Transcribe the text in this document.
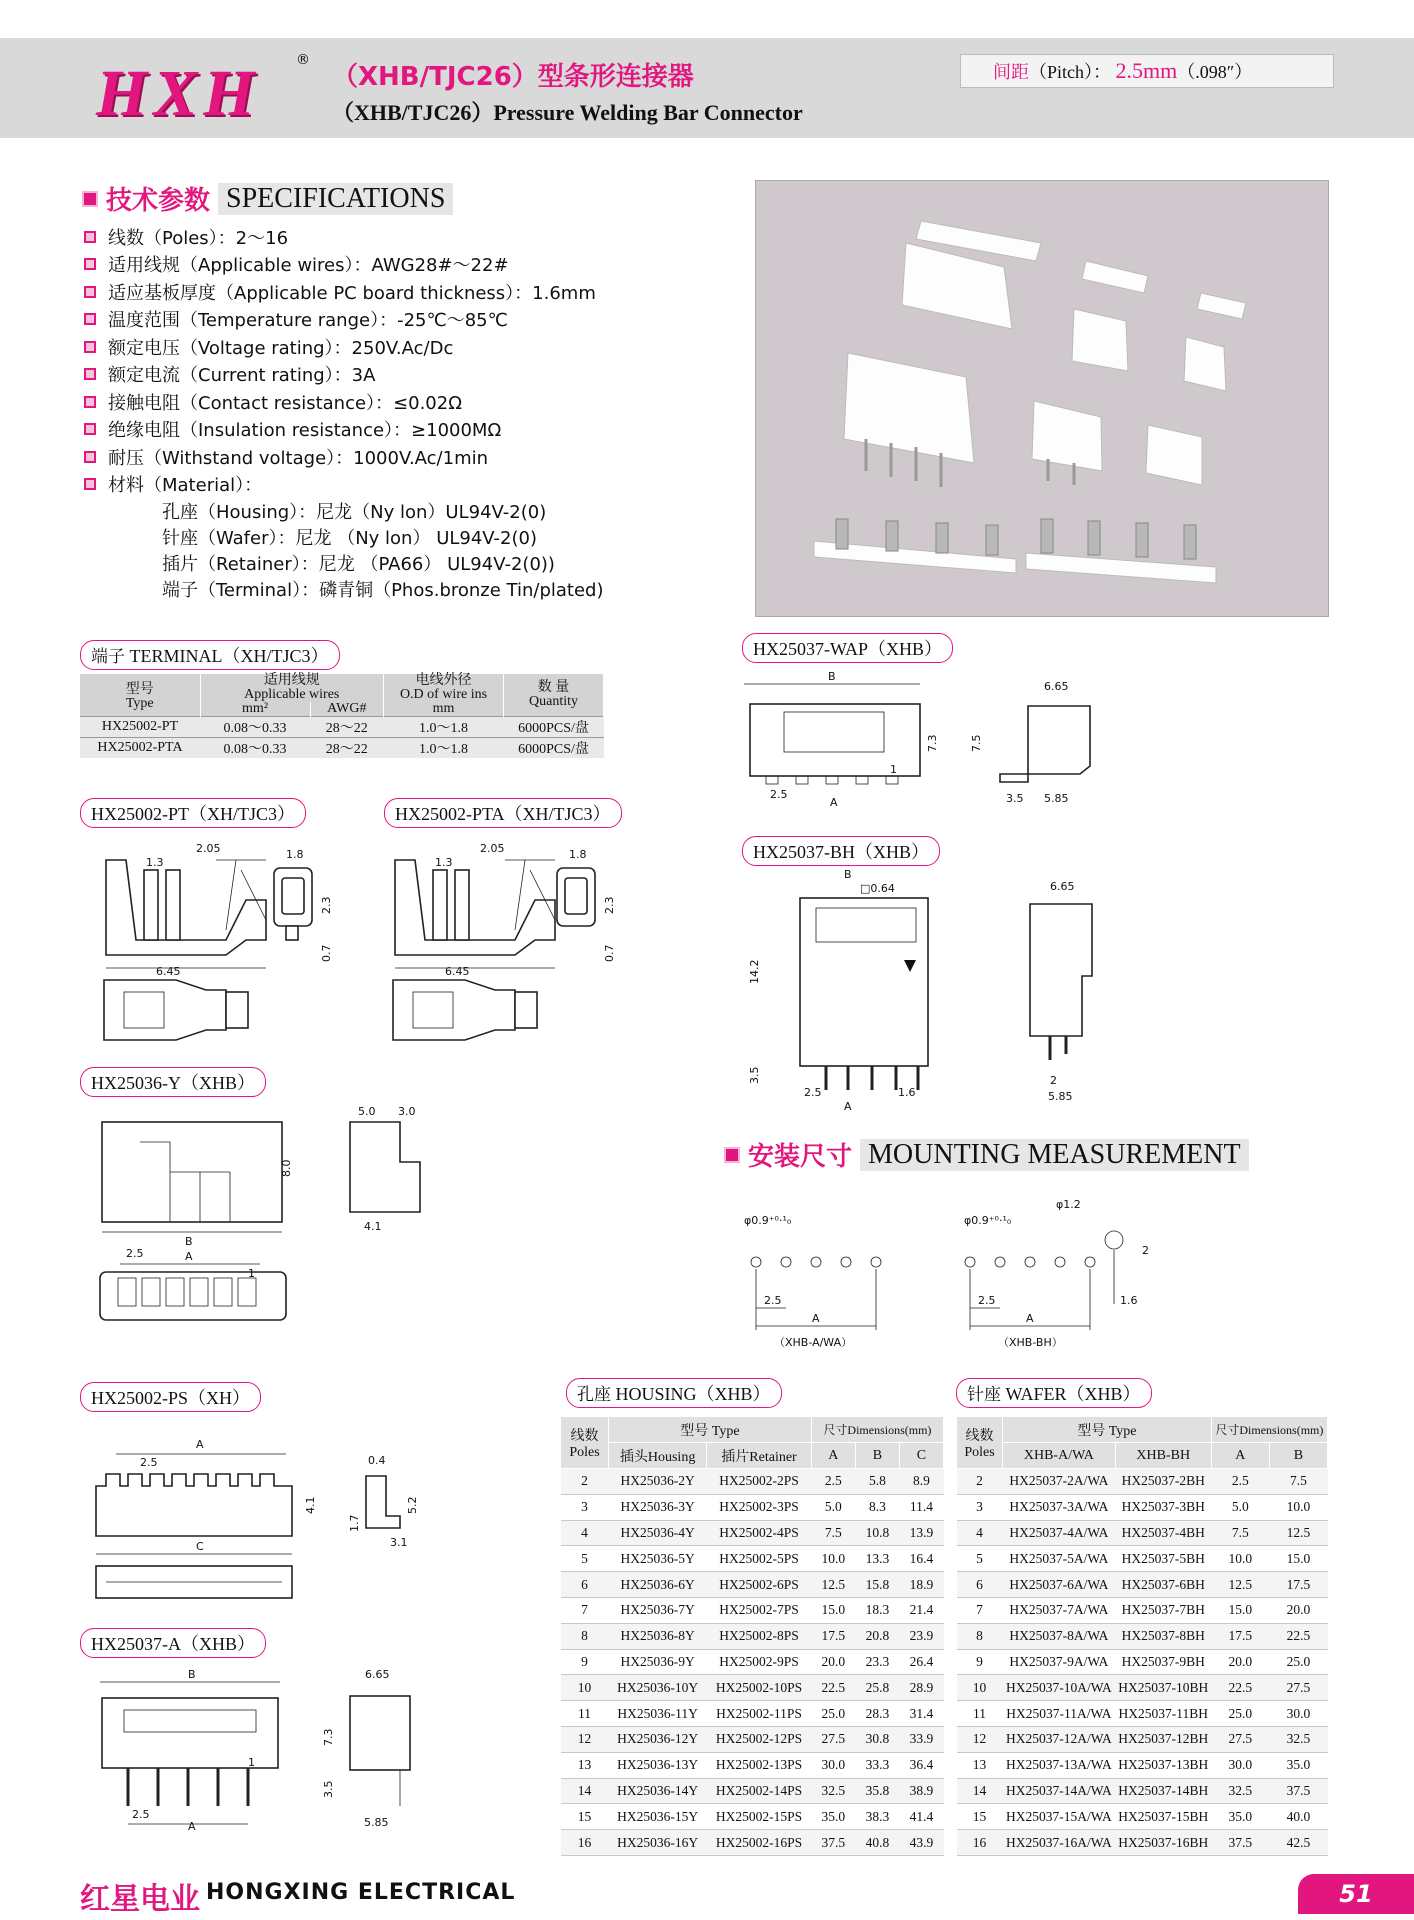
HXH	®
（XHB/TJC26）型条形连接器
（XHB/TJC26）Pressure Welding Bar Connector
间距（Pitch）： 2.5mm（.098″）
技术参数 SPECIFICATIONS
线数（Poles）：2～16
适用线规（Applicable wires）：AWG28#～22#
适应基板厚度（Applicable PC board thickness）：1.6mm
温度范围（Temperature range）：-25℃～85℃
额定电压（Voltage rating）：250V.Ac/Dc
额定电流（Current rating）：3A
接触电阻（Contact resistance）：≤0.02Ω
绝缘电阻（Insulation resistance）：≥1000MΩ
耐压（Withstand voltage）：1000V.Ac/1min
材料（Material）：
孔座（Housing）：尼龙（Ny lon）UL94V-2(0)
针座（Wafer）：尼龙 （Ny lon） UL94V-2(0)
插片（Retainer）：尼龙 （PA66） UL94V-2(0))
端子（Terminal）：磷青铜（Phos.bronze Tin/plated)
端子 TERMINAL（XH/TJC3）
型号
Type	适用线规
Applicable wires		电线外径
O.D of wire ins	数 量
Quantity
	mm²	AWG#	mm	
HX25002-PT	0.08～0.33	28～22	1.0～1.8	6000PCS/盘
HX25002-PTA	0.08～0.33	28～22	1.0～1.8	6000PCS/盘
HX25002-PT（XH/TJC3）	HX25002-PTA（XH/TJC3）
1.3
2.05
6.45
1.8
2.3
0.7
1.3
2.05
6.45
1.8
2.3
0.7
HX25036-Y（XHB）
8.0
B
A
2.5
1
5.0 3.0
4.1
HX25002-PS（XH）
A
2.5
C
0.4
4.1	5.2
1.7
3.1
HX25037-A（XHB）
B
1
2.5
A
6.65
7.3
3.5
5.85
HX25037-WAP（XHB）
B
1
2.5
A
7.3	7.5
6.65
3.5 5.85
HX25037-BH（XHB）
B
□0.64
14.2
3.5
2.5	1.6
A
6.65
2
5.85
安装尺寸 MOUNTING MEASUREMENT
φ0.9⁺⁰·¹₀
2.5
A
（XHB-A/WA）
φ0.9⁺⁰·¹₀
φ1.2
2.5
A
1.6
2
（XHB-BH）
孔座 HOUSING（XHB）
线数
Poles	型号 Type		尺寸Dimensions(mm)		
	插头Housing	插片Retainer	A	B	C
2	HX25036-2Y	HX25002-2PS	2.5	5.8	8.9
3	HX25036-3Y	HX25002-3PS	5.0	8.3	11.4
4	HX25036-4Y	HX25002-4PS	7.5	10.8	13.9
5	HX25036-5Y	HX25002-5PS	10.0	13.3	16.4
6	HX25036-6Y	HX25002-6PS	12.5	15.8	18.9
7	HX25036-7Y	HX25002-7PS	15.0	18.3	21.4
8	HX25036-8Y	HX25002-8PS	17.5	20.8	23.9
9	HX25036-9Y	HX25002-9PS	20.0	23.3	26.4
10	HX25036-10Y	HX25002-10PS	22.5	25.8	28.9
11	HX25036-11Y	HX25002-11PS	25.0	28.3	31.4
12	HX25036-12Y	HX25002-12PS	27.5	30.8	33.9
13	HX25036-13Y	HX25002-13PS	30.0	33.3	36.4
14	HX25036-14Y	HX25002-14PS	32.5	35.8	38.9
15	HX25036-15Y	HX25002-15PS	35.0	38.3	41.4
16	HX25036-16Y	HX25002-16PS	37.5	40.8	43.9
针座 WAFER（XHB）
线数
Poles	型号 Type		尺寸Dimensions(mm)	
	XHB-A/WA	XHB-BH	A	B
2	HX25037-2A/WA	HX25037-2BH	2.5	7.5
3	HX25037-3A/WA	HX25037-3BH	5.0	10.0
4	HX25037-4A/WA	HX25037-4BH	7.5	12.5
5	HX25037-5A/WA	HX25037-5BH	10.0	15.0
6	HX25037-6A/WA	HX25037-6BH	12.5	17.5
7	HX25037-7A/WA	HX25037-7BH	15.0	20.0
8	HX25037-8A/WA	HX25037-8BH	17.5	22.5
9	HX25037-9A/WA	HX25037-9BH	20.0	25.0
10	HX25037-10A/WA	HX25037-10BH	22.5	27.5
11	HX25037-11A/WA	HX25037-11BH	25.0	30.0
12	HX25037-12A/WA	HX25037-12BH	27.5	32.5
13	HX25037-13A/WA	HX25037-13BH	30.0	35.0
14	HX25037-14A/WA	HX25037-14BH	32.5	37.5
15	HX25037-15A/WA	HX25037-15BH	35.0	40.0
16	HX25037-16A/WA	HX25037-16BH	37.5	42.5
红星电业 HONGXING ELECTRICAL	51
